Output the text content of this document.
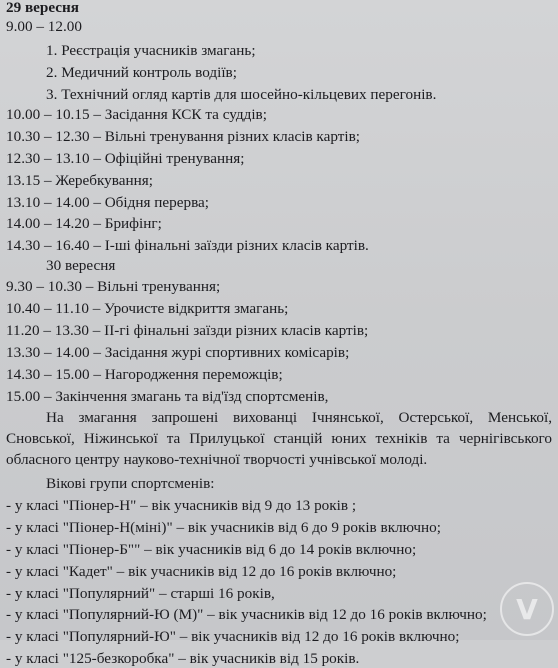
29 вересня
9.00 – 12.00
1. Реєстрація учасників змагань;
2. Медичний контроль водіїв;
3. Технічний огляд картів для шосейно-кільцевих перегонів.
10.00 – 10.15 – Засідання КСК та суддів;
10.30 – 12.30 – Вільні тренування різних класів картів;
12.30 – 13.10 – Офіційні тренування;
13.15 – Жеребкування;
13.10 – 14.00 – Обідня перерва;
14.00 – 14.20 – Брифінг;
14.30 – 16.40 – І-ші фінальні заїзди різних класів картів.
30 вересня
9.30 – 10.30 – Вільні тренування;
10.40 – 11.10 – Урочисте відкриття змагань;
11.20 – 13.30 – ІІ-гі фінальні заїзди різних класів картів;
13.30 – 14.00 – Засідання журі спортивних комісарів;
14.30 – 15.00 – Нагородження переможців;
15.00 – Закінчення змагань та від'їзд спортсменів,
На змагання запрошені вихованці Ічнянської, Остерської, Менської,
Сновської, Ніжинської та Прилуцької станцій юних техніків та чернігівського
обласного центру науково-технічної творчості учнівської молоді.
Вікові групи спортсменів:
- у класі "Піонер-Н" – вік учасників від 9 до 13 років ;
- у класі "Піонер-Н(міні)" – вік учасників від 6 до 9 років включно;
- у класі "Піонер-Б"" – вік учасників від 6 до 14 років включно;
- у класі "Кадет" – вік учасників від 12 до 16 років включно;
- у класі "Популярний" – старші 16 років,
- у класі "Популярний-Ю (М)" – вік учасників від 12 до 16 років включно;
- у класі "Популярний-Ю" – вік учасників від 12 до 16 років включно;
- у класі "125-безкоробка" – вік учасників від 15 років.
V
